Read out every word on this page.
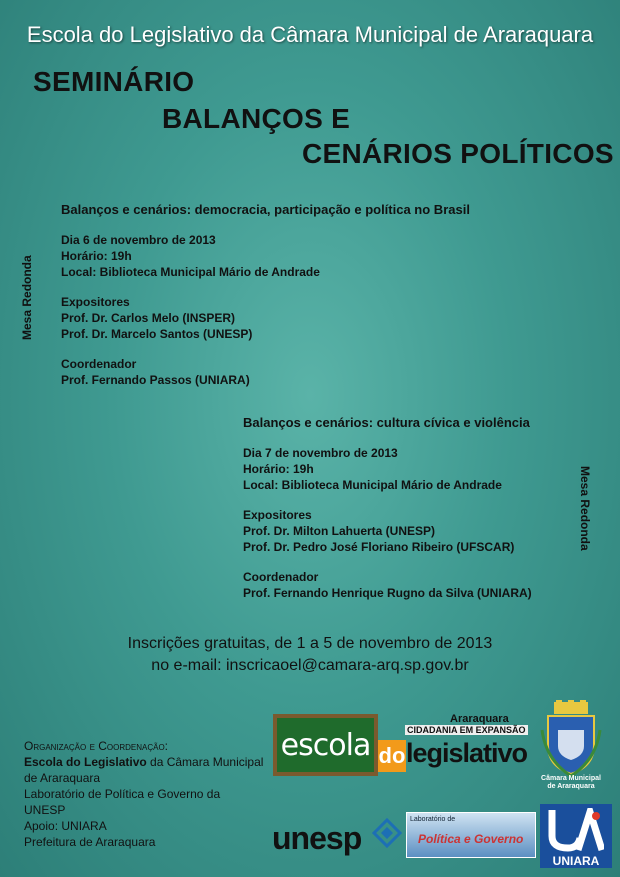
Escola do Legislativo da Câmara Municipal de Araraquara
SEMINÁRIO
BALANÇOS E
CENÁRIOS POLÍTICOS
Mesa Redonda
Balanços e cenários: democracia, participação e política no Brasil
Dia 6 de novembro de 2013
Horário: 19h
Local: Biblioteca Municipal Mário de Andrade
Expositores
Prof. Dr. Carlos Melo (INSPER)
Prof. Dr. Marcelo Santos (UNESP)
Coordenador
Prof. Fernando Passos (UNIARA)
Mesa Redonda
Balanços e cenários: cultura cívica e violência
Dia 7 de novembro de 2013
Horário: 19h
Local: Biblioteca Municipal Mário de Andrade
Expositores
Prof. Dr. Milton Lahuerta (UNESP)
Prof. Dr. Pedro José Floriano Ribeiro (UFSCAR)
Coordenador
Prof. Fernando Henrique Rugno da Silva (UNIARA)
Inscrições gratuitas, de 1 a 5 de novembro de 2013
no e-mail: inscricaoel@camara-arq.sp.gov.br
Organização e Coordenação:
Escola do Legislativo da Câmara Municipal de Araraquara
Laboratório de Política e Governo da UNESP
Apoio: UNIARA
Prefeitura de Araraquara
escola do legislativo
Araraquara
CIDADANIA EM EXPANSÃO
Câmara Municipal de Araraquara
unesp
Laboratório de
Política e Governo
UNIARA
